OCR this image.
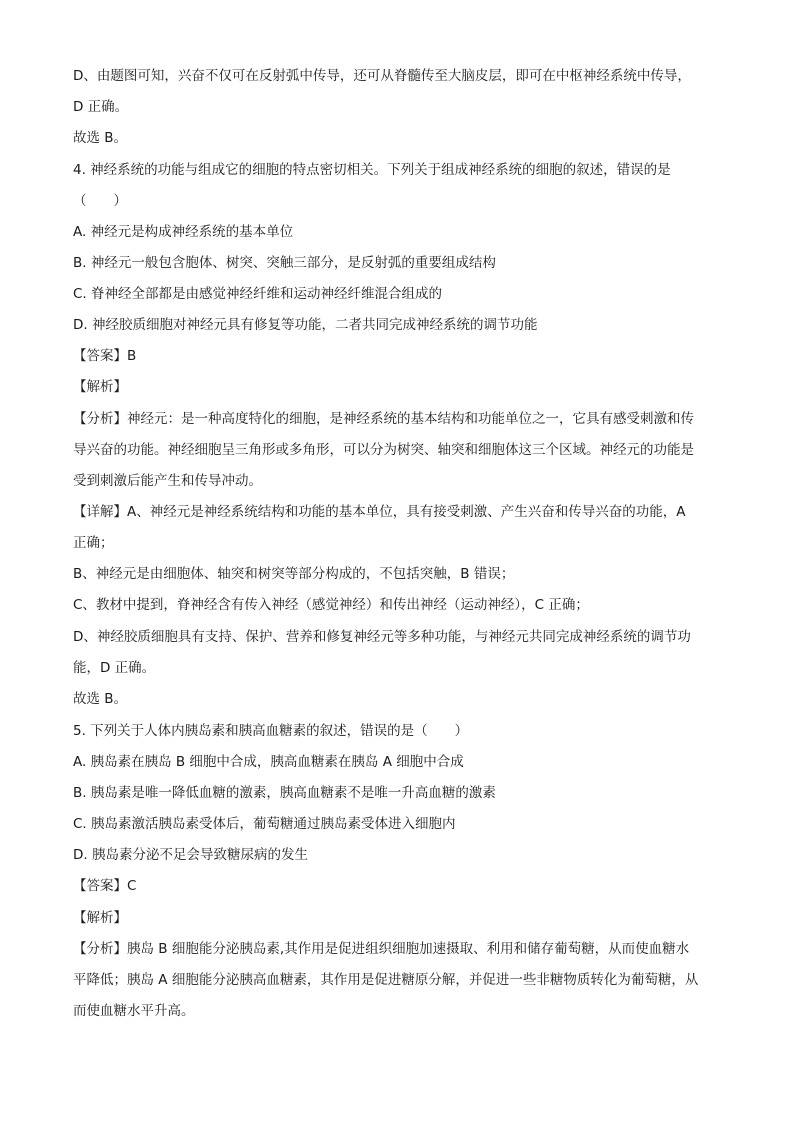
D、由题图可知，兴奋不仅可在反射弧中传导，还可从脊髓传至大脑皮层，即可在中枢神经系统中传导，
D 正确。
故选 B。
4. 神经系统的功能与组成它的细胞的特点密切相关。下列关于组成神经系统的细胞的叙述，错误的是
（　　）
A. 神经元是构成神经系统的基本单位
B. 神经元一般包含胞体、树突、突触三部分，是反射弧的重要组成结构
C. 脊神经全部都是由感觉神经纤维和运动神经纤维混合组成的
D. 神经胶质细胞对神经元具有修复等功能，二者共同完成神经系统的调节功能
【答案】B
【解析】
【分析】神经元：是一种高度特化的细胞，是神经系统的基本结构和功能单位之一，它具有感受刺激和传
导兴奋的功能。神经细胞呈三角形或多角形，可以分为树突、轴突和细胞体这三个区域。神经元的功能是
受到刺激后能产生和传导冲动。
【详解】A、神经元是神经系统结构和功能的基本单位，具有接受刺激、产生兴奋和传导兴奋的功能，A
正确；
B、神经元是由细胞体、轴突和树突等部分构成的，不包括突触，B 错误；
C、教材中提到，脊神经含有传入神经（感觉神经）和传出神经（运动神经），C 正确；
D、神经胶质细胞具有支持、保护、营养和修复神经元等多种功能，与神经元共同完成神经系统的调节功
能，D 正确。
故选 B。
5. 下列关于人体内胰岛素和胰高血糖素的叙述，错误的是（　　）
A. 胰岛素在胰岛 B 细胞中合成，胰高血糖素在胰岛 A 细胞中合成
B. 胰岛素是唯一降低血糖的激素，胰高血糖素不是唯一升高血糖的激素
C. 胰岛素激活胰岛素受体后，葡萄糖通过胰岛素受体进入细胞内
D. 胰岛素分泌不足会导致糖尿病的发生
【答案】C
【解析】
【分析】胰岛 B 细胞能分泌胰岛素,其作用是促进组织细胞加速摄取、利用和储存葡萄糖，从而使血糖水
平降低；胰岛 A 细胞能分泌胰高血糖素，其作用是促进糖原分解，并促进一些非糖物质转化为葡萄糖，从
而使血糖水平升高。
